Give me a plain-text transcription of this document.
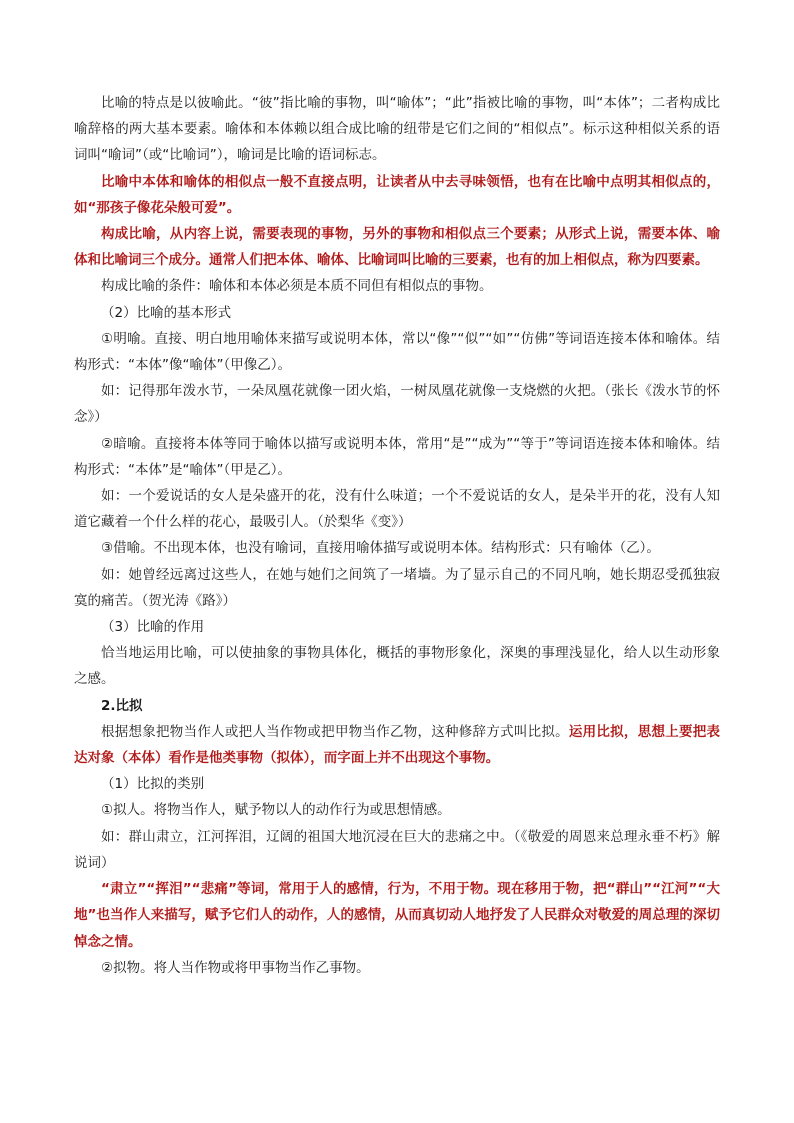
比喻的特点是以彼喻此。“彼”指比喻的事物，叫“喻体”；“此”指被比喻的事物，叫“本体”；二者构成比喻辞格的两大基本要素。喻体和本体赖以组合成比喻的纽带是它们之间的“相似点”。标示这种相似关系的语词叫“喻词”（或“比喻词”），喻词是比喻的语词标志。

比喻中本体和喻体的相似点一般不直接点明，让读者从中去寻味领悟，也有在比喻中点明其相似点的，如“那孩子像花朵般可爱”。

构成比喻，从内容上说，需要表现的事物，另外的事物和相似点三个要素；从形式上说，需要本体、喻体和比喻词三个成分。通常人们把本体、喻体、比喻词叫比喻的三要素，也有的加上相似点，称为四要素。

构成比喻的条件：喻体和本体必须是本质不同但有相似点的事物。

（2）比喻的基本形式

①明喻。直接、明白地用喻体来描写或说明本体，常以“像”“似”“如”“仿佛”等词语连接本体和喻体。结构形式：“本体”像“喻体”（甲像乙）。

如：记得那年泼水节，一朵凤凰花就像一团火焰，一树凤凰花就像一支烧燃的火把。（张长《泼水节的怀念》）

②暗喻。直接将本体等同于喻体以描写或说明本体，常用“是”“成为”“等于”等词语连接本体和喻体。结构形式：“本体”是“喻体”（甲是乙）。

如：一个爱说话的女人是朵盛开的花，没有什么味道；一个不爱说话的女人，是朵半开的花，没有人知道它藏着一个什么样的花心，最吸引人。（於梨华《变》）

③借喻。不出现本体，也没有喻词，直接用喻体描写或说明本体。结构形式：只有喻体（乙）。

如：她曾经远离过这些人，在她与她们之间筑了一堵墙。为了显示自己的不同凡响，她长期忍受孤独寂寞的痛苦。（贺光涛《路》）

（3）比喻的作用

恰当地运用比喻，可以使抽象的事物具体化，概括的事物形象化，深奥的事理浅显化，给人以生动形象之感。

2.比拟

根据想象把物当作人或把人当作物或把甲物当作乙物，这种修辞方式叫比拟。运用比拟，思想上要把表达对象（本体）看作是他类事物（拟体），而字面上并不出现这个事物。

（1）比拟的类别

①拟人。将物当作人，赋予物以人的动作行为或思想情感。

如：群山肃立，江河挥泪，辽阔的祖国大地沉浸在巨大的悲痛之中。（《敬爱的周恩来总理永垂不朽》解说词）

“肃立”“挥泪”“悲痛”等词，常用于人的感情，行为，不用于物。现在移用于物，把“群山”“江河”“大地”也当作人来描写，赋予它们人的动作，人的感情，从而真切动人地抒发了人民群众对敬爱的周总理的深切悼念之情。

②拟物。将人当作物或将甲事物当作乙事物。
